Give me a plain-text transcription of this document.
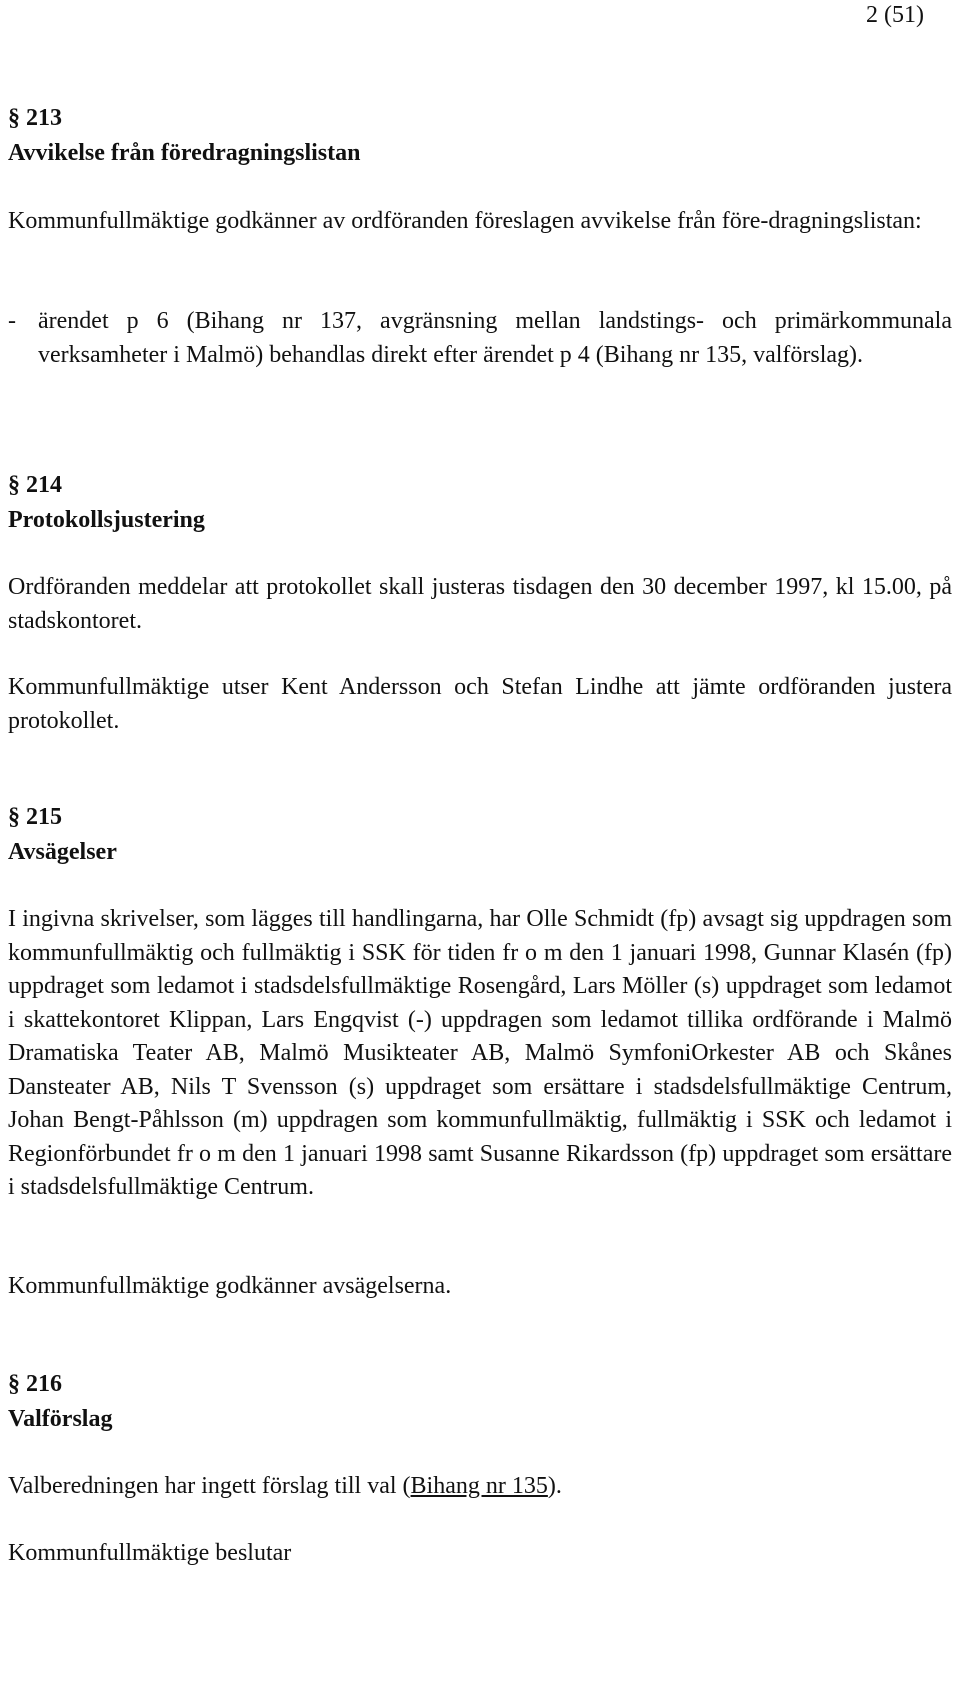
2 (51)
§ 213
Avvikelse från föredragningslistan
Kommunfullmäktige godkänner av ordföranden föreslagen avvikelse från före-dragningslistan:
- ärendet p 6 (Bihang nr 137, avgränsning mellan landstings- och primärkommunala verksamheter i Malmö) behandlas direkt efter ärendet p 4 (Bihang nr 135, valförslag).
§ 214
Protokollsjustering
Ordföranden meddelar att protokollet skall justeras tisdagen den 30 december 1997, kl 15.00, på stadskontoret.
Kommunfullmäktige utser Kent Andersson och Stefan Lindhe att jämte ordföranden justera protokollet.
§ 215
Avsägelser
I ingivna skrivelser, som lägges till handlingarna, har Olle Schmidt (fp) avsagt sig uppdragen som kommunfullmäktig och fullmäktig i SSK för tiden fr o m den 1 januari 1998, Gunnar Klasén (fp) uppdraget som ledamot i stadsdelsfullmäktige Rosengård, Lars Möller (s) uppdraget som ledamot i skattekontoret Klippan, Lars Engqvist (-) uppdragen som ledamot tillika ordförande i Malmö Dramatiska Teater AB, Malmö Musikteater AB, Malmö SymfoniOrkester AB och Skånes Dansteater AB, Nils T Svensson (s) uppdraget som ersättare i stadsdelsfullmäktige Centrum, Johan Bengt-Påhlsson (m) uppdragen som kommunfullmäktig, fullmäktig i SSK och ledamot i Regionförbundet fr o m den 1 januari 1998 samt Susanne Rikardsson (fp) uppdraget som ersättare i stadsdelsfullmäktige Centrum.
Kommunfullmäktige godkänner avsägelserna.
§ 216
Valförslag
Valberedningen har ingett förslag till val (Bihang nr 135).
Kommunfullmäktige beslutar
